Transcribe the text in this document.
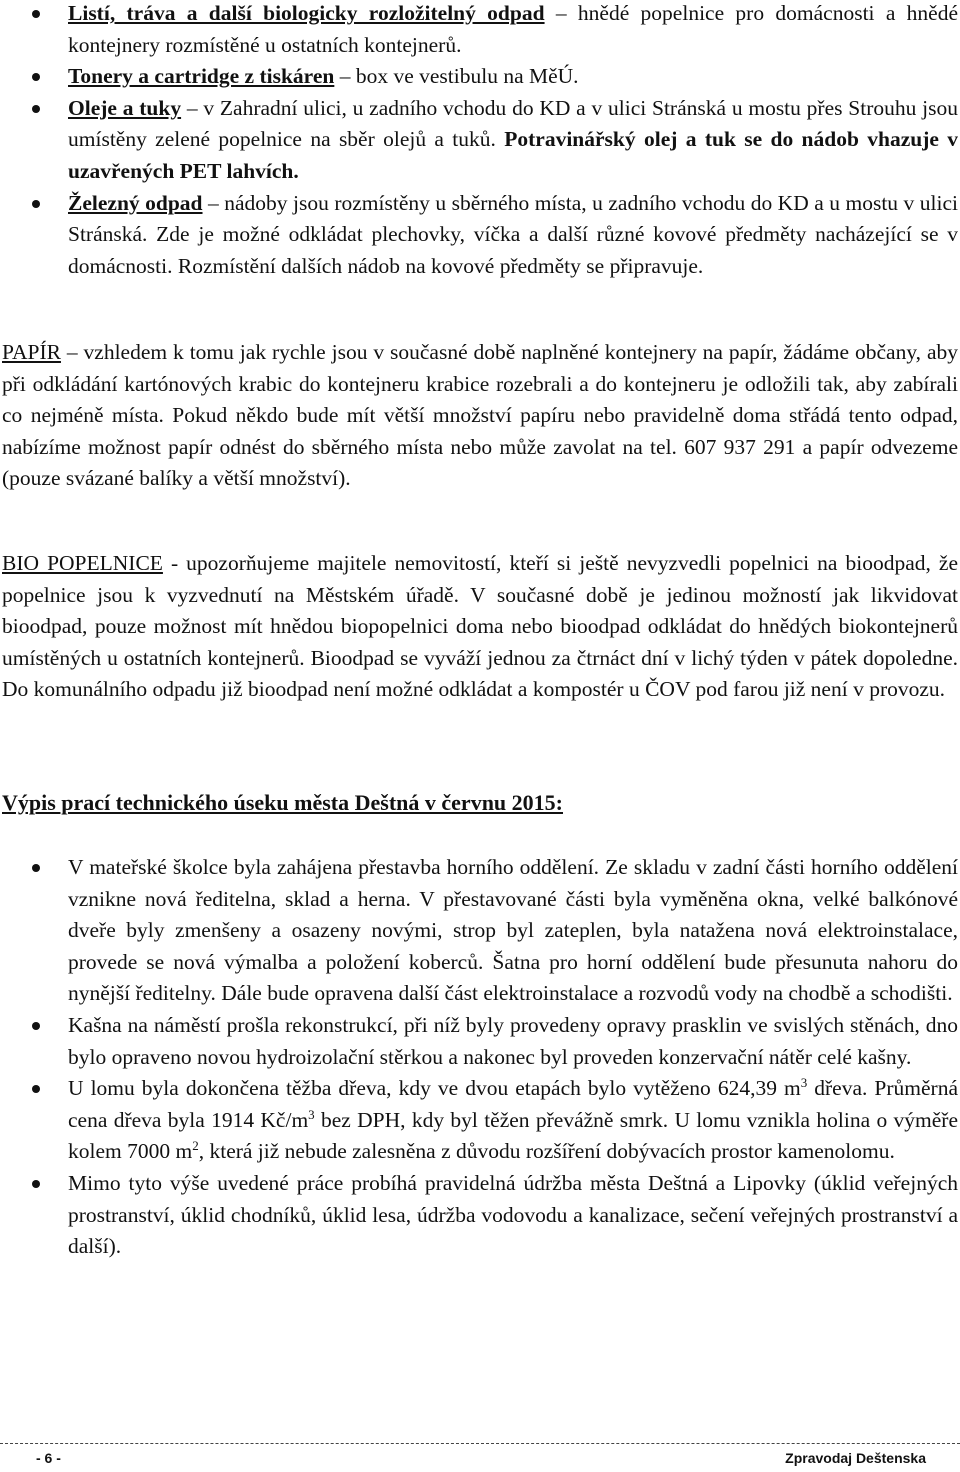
Listí, tráva a další biologicky rozložitelný odpad – hnědé popelnice pro domácnosti a hnědé kontejnery rozmístěné u ostatních kontejnerů.

Tonery a cartridge z tiskáren – box ve vestibulu na MěÚ.

Oleje a tuky – v Zahradní ulici, u zadního vchodu do KD a v ulici Stránská u mostu přes Strouhu jsou umístěny zelené popelnice na sběr olejů a tuků. Potravinářský olej a tuk se do nádob vhazuje v uzavřených PET lahvích.

Železný odpad – nádoby jsou rozmístěny u sběrného místa, u zadního vchodu do KD a u mostu v ulici Stránská. Zde je možné odkládat plechovky, víčka a další různé kovové předměty nacházející se v domácnosti. Rozmístění dalších nádob na kovové předměty se připravuje.

PAPÍR – vzhledem k tomu jak rychle jsou v současné době naplněné kontejnery na papír, žádáme občany, aby při odkládání kartónových krabic do kontejneru krabice rozebrali a do kontejneru je odložili tak, aby zabírali co nejméně místa. Pokud někdo bude mít větší množství papíru nebo pravidelně doma střádá tento odpad, nabízíme možnost papír odnést do sběrného místa nebo může zavolat na tel. 607 937 291 a papír odvezeme (pouze svázané balíky a větší množství).

BIO POPELNICE - upozorňujeme majitele nemovitostí, kteří si ještě nevyzvedli popelnici na bioodpad, že popelnice jsou k vyzvednutí na Městském úřadě. V současné době je jedinou možností jak likvidovat bioodpad, pouze možnost mít hnědou biopopelnici doma nebo bioodpad odkládat do hnědých biokontejnerů umístěných u ostatních kontejnerů. Bioodpad se vyváží jednou za čtrnáct dní v lichý týden v pátek dopoledne. Do komunálního odpadu již bioodpad není možné odkládat a kompostér u ČOV pod farou již není v provozu.

Výpis prací technického úseku města Deštná v červnu 2015:

V mateřské školce byla zahájena přestavba horního oddělení. Ze skladu v zadní části horního oddělení vznikne nová ředitelna, sklad a herna. V přestavované části byla vyměněna okna, velké balkónové dveře byly zmenšeny a osazeny novými, strop byl zateplen, byla natažena nová elektroinstalace, provede se nová výmalba a položení koberců. Šatna pro horní oddělení bude přesunuta nahoru do nynější ředitelny. Dále bude opravena další část elektroinstalace a rozvodů vody na chodbě a schodišti.

Kašna na náměstí prošla rekonstrukcí, při níž byly provedeny opravy prasklin ve svislých stěnách, dno bylo opraveno novou hydroizolační stěrkou a nakonec byl proveden konzervační nátěr celé kašny.

U lomu byla dokončena těžba dřeva, kdy ve dvou etapách bylo vytěženo 624,39 $m^3$ dřeva. Průměrná cena dřeva byla 1914 $Kč/m^3$ bez DPH, kdy byl těžen převážně smrk. U lomu vznikla holina o výměře kolem 7000 $m^2$, která již nebude zalesněna z důvodu rozšíření dobývacích prostor kamenolomu.

Mimo tyto výše uvedené práce probíhá pravidelná údržba města Deštná a Lipovky (úklid veřejných prostranství, úklid chodníků, úklid lesa, údržba vodovodu a kanalizace, sečení veřejných prostranství a další).

- 6 -	Zpravodaj Deštenska
